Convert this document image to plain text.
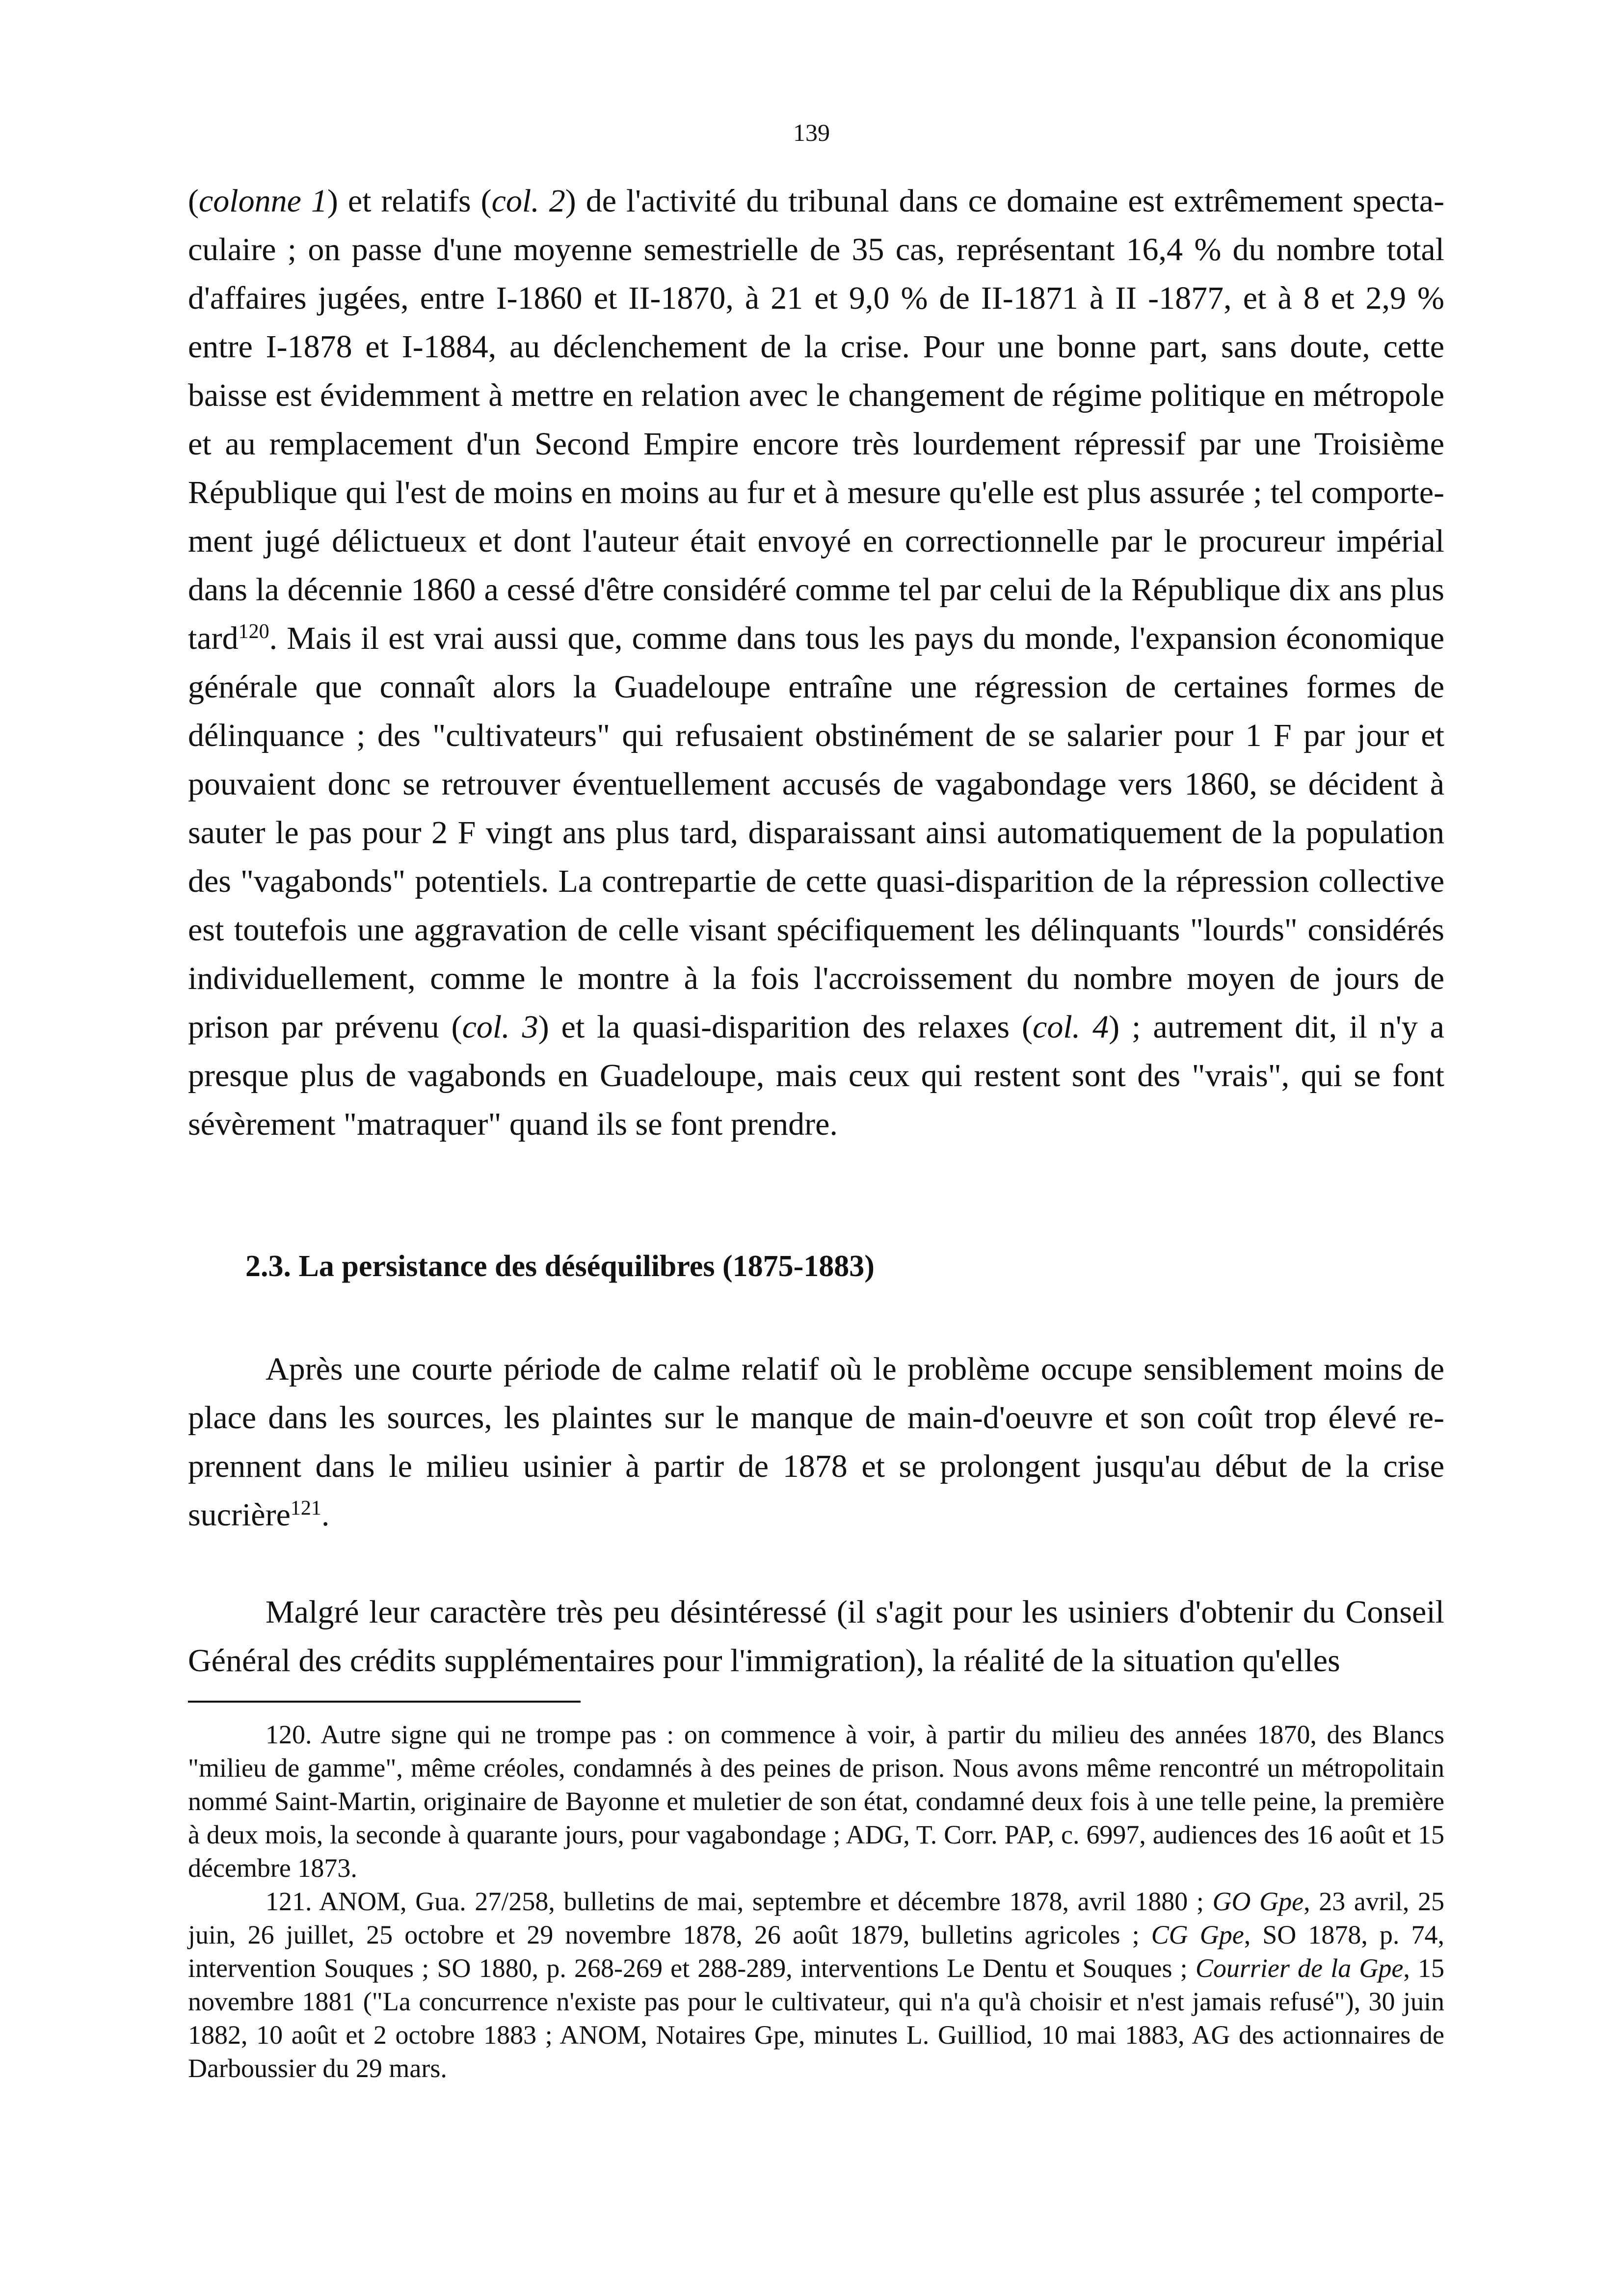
139

(colonne 1) et relatifs (col. 2) de l'activité du tribunal dans ce domaine est extrêmement spectaculaire ; on passe d'une moyenne semestrielle de 35 cas, représentant 16,4 % du nombre total d'affaires jugées, entre I-1860 et II-1870, à 21 et 9,0 % de II-1871 à II -1877, et à 8 et 2,9 % entre I-1878 et I-1884, au déclenchement de la crise. Pour une bonne part, sans doute, cette baisse est évidemment à mettre en relation avec le changement de régime politique en métropole et au remplacement d'un Second Empire encore très lourdement répressif par une Troisième République qui l'est de moins en moins au fur et à mesure qu'elle est plus assurée ; tel comportement jugé délictueux et dont l'auteur était envoyé en correctionnelle par le procureur impérial dans la décennie 1860 a cessé d'être considéré comme tel par celui de la République dix ans plus tard$^{120}$. Mais il est vrai aussi que, comme dans tous les pays du monde, l'expansion économique générale que connaît alors la Guadeloupe entraîne une régression de certaines formes de délinquance ; des "cultivateurs" qui refusaient obstinément de se salarier pour 1 F par jour et pouvaient donc se retrouver éventuellement accusés de vagabondage vers 1860, se décident à sauter le pas pour 2 F vingt ans plus tard, disparaissant ainsi automatiquement de la population des "vagabonds" potentiels. La contrepartie de cette quasi-disparition de la répression collective est toutefois une aggravation de celle visant spécifiquement les délinquants "lourds" considérés individuellement, comme le montre à la fois l'accroissement du nombre moyen de jours de prison par prévenu (col. 3) et la quasi-disparition des relaxes (col. 4) ; autrement dit, il n'y a presque plus de vagabonds en Guadeloupe, mais ceux qui restent sont des "vrais", qui se font sévèrement "matraquer" quand ils se font prendre.

2.3. La persistance des déséquilibres (1875-1883)

Après une courte période de calme relatif où le problème occupe sensiblement moins de place dans les sources, les plaintes sur le manque de main-d'oeuvre et son coût trop élevé reprennent dans le milieu usinier à partir de 1878 et se prolongent jusqu'au début de la crise sucrière$^{121}$.

Malgré leur caractère très peu désintéressé (il s'agit pour les usiniers d'obtenir du Conseil Général des crédits supplémentaires pour l'immigration), la réalité de la situation qu'elles

120. Autre signe qui ne trompe pas : on commence à voir, à partir du milieu des années 1870, des Blancs "milieu de gamme", même créoles, condamnés à des peines de prison. Nous avons même rencontré un métropolitain nommé Saint-Martin, originaire de Bayonne et muletier de son état, condamné deux fois à une telle peine, la première à deux mois, la seconde à quarante jours, pour vagabondage ; ADG, T. Corr. PAP, c. 6997, audiences des 16 août et 15 décembre 1873.

121. ANOM, Gua. 27/258, bulletins de mai, septembre et décembre 1878, avril 1880 ; GO Gpe, 23 avril, 25 juin, 26 juillet, 25 octobre et 29 novembre 1878, 26 août 1879, bulletins agricoles ; CG Gpe, SO 1878, p. 74, intervention Souques ; SO 1880, p. 268-269 et 288-289, interventions Le Dentu et Souques ; Courrier de la Gpe, 15 novembre 1881 ("La concurrence n'existe pas pour le cultivateur, qui n'a qu'à choisir et n'est jamais refusé"), 30 juin 1882, 10 août et 2 octobre 1883 ; ANOM, Notaires Gpe, minutes L. Guilliod, 10 mai 1883, AG des actionnaires de Darboussier du 29 mars.
